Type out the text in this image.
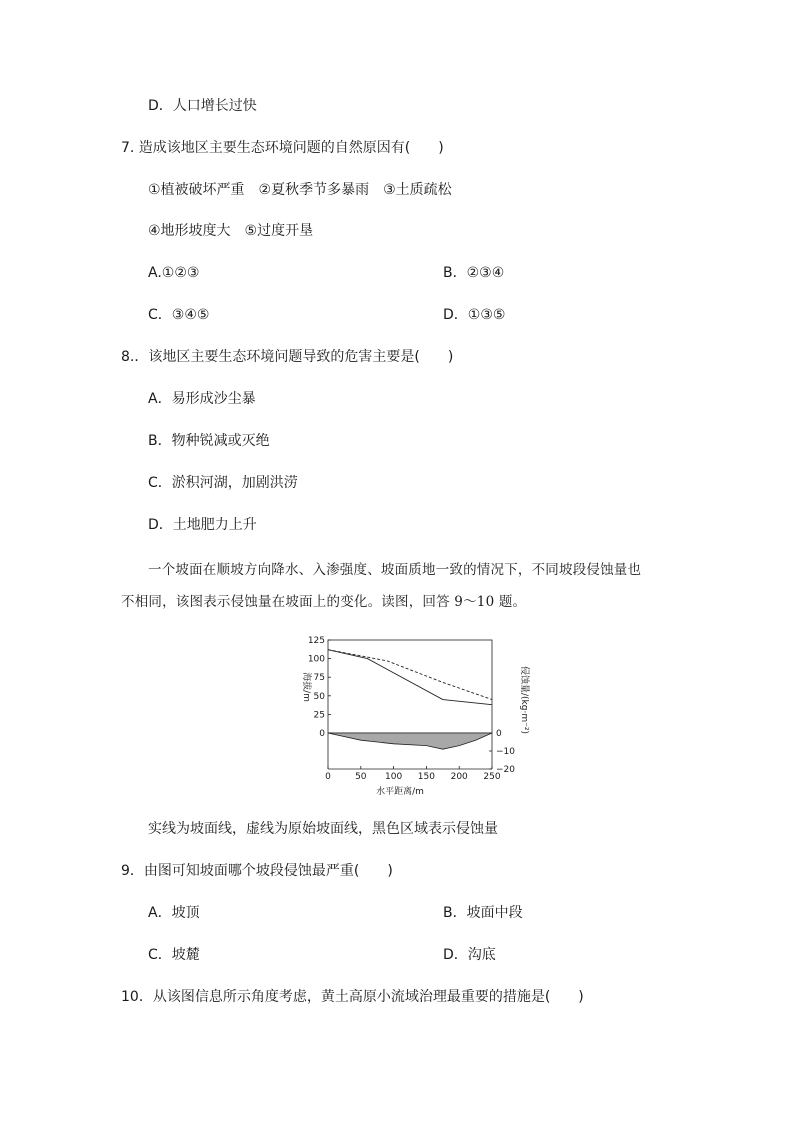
D．人口增长过快
7. 造成该地区主要生态环境问题的自然原因有(　　)
①植被破坏严重　②夏秋季节多暴雨　③土质疏松
④地形坡度大　⑤过度开垦
A.①②③	B．②③④
C．③④⑤	D．①③⑤
8.．该地区主要生态环境问题导致的危害主要是(　　)
A．易形成沙尘暴
B．物种锐减或灭绝
C．淤积河湖，加剧洪涝
D．土地肥力上升
一个坡面在顺坡方向降水、入渗强度、坡面质地一致的情况下，不同坡段侵蚀量也
不相同，该图表示侵蚀量在坡面上的变化。读图，回答 9～10 题。
0	50 100 150 200 250
0
25
50
75
100
125
0
−10
−20
水平距离/m
海拔/m	侵蚀量/(kg·m⁻²)
实线为坡面线，虚线为原始坡面线，黑色区域表示侵蚀量
9．由图可知坡面哪个坡段侵蚀最严重(　　)
A．坡顶	B．坡面中段
C．坡麓	D．沟底
10．从该图信息所示角度考虑，黄土高原小流域治理最重要的措施是(　　)
